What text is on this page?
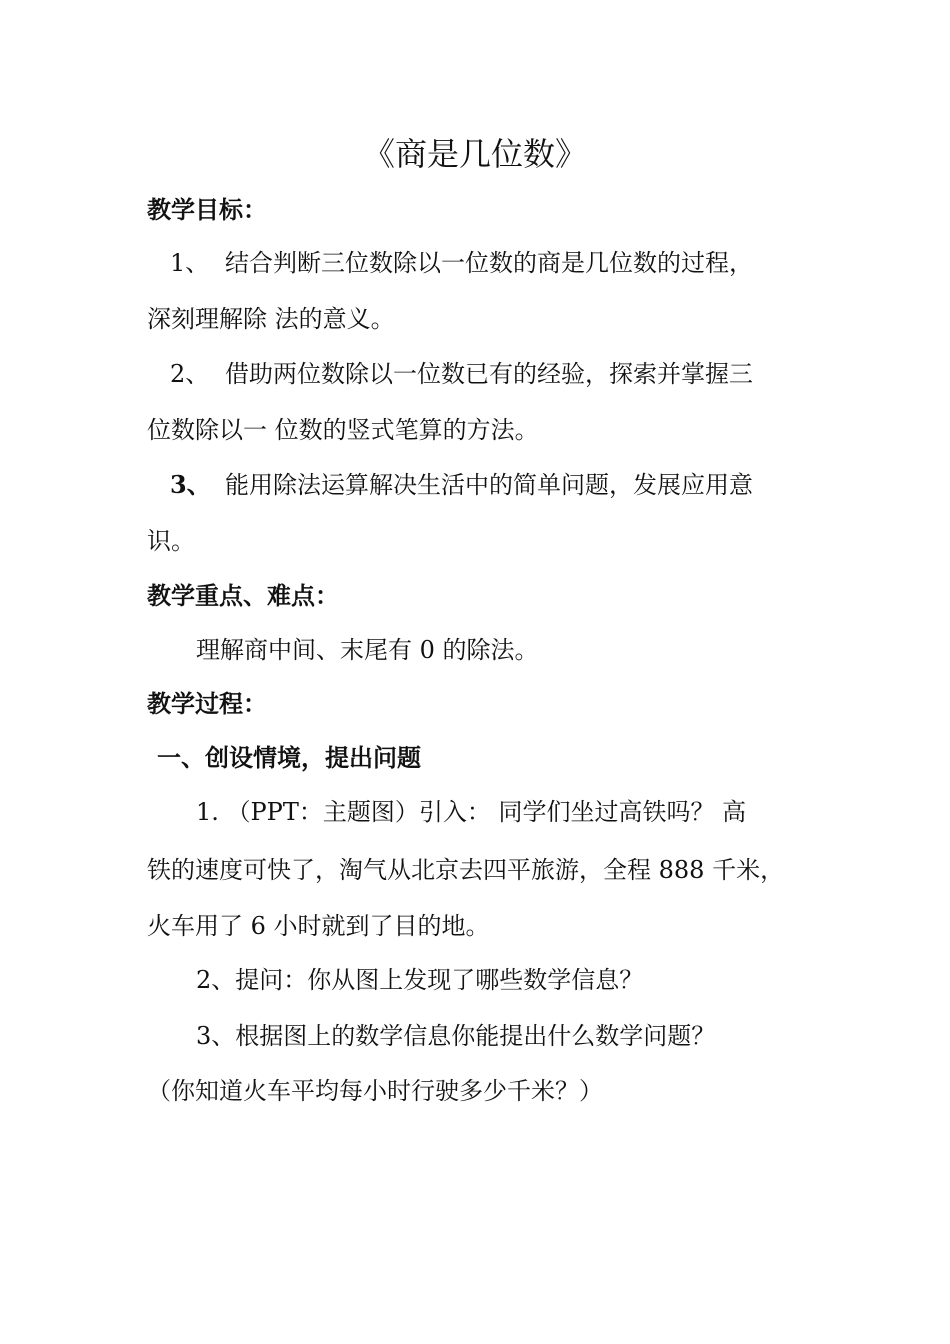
《商是几位数》
教学目标：
1、 结合判断三位数除以一位数的商是几位数的过程，
深刻理解除 法的意义。
2、 借助两位数除以一位数已有的经验，探索并掌握三
位数除以一 位数的竖式笔算的方法。
3、 能用除法运算解决生活中的简单问题，发展应用意
识。
教学重点、难点：
理解商中间、末尾有 0 的除法。
教学过程：
一、创设情境，提出问题
1. （PPT：主题图）引入： 同学们坐过高铁吗？ 高
铁的速度可快了，淘气从北京去四平旅游，全程 888 千米，
火车用了 6 小时就到了目的地。
2、提问：你从图上发现了哪些数学信息？
3、根据图上的数学信息你能提出什么数学问题？
（你知道火车平均每小时行驶多少千米？）
